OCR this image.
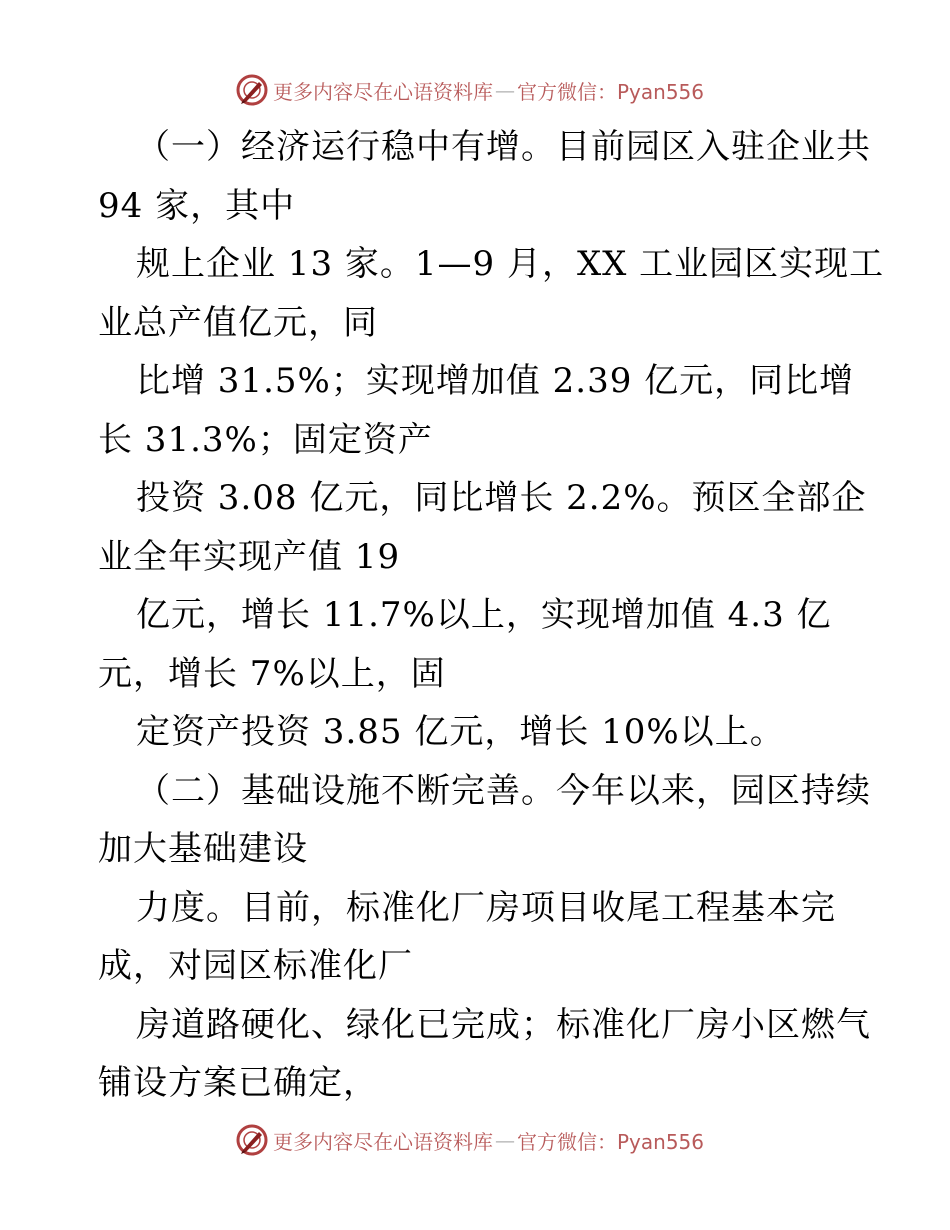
更多内容尽在心语资料库 — 官方微信：Pyan556
（一）经济运行稳中有增。目前园区入驻企业共
94 家，其中
规上企业 13 家。1—9 月，XX 工业园区实现工
业总产值亿元，同
比增 31.5%；实现增加值 2.39 亿元，同比增
长 31.3%；固定资产
投资 3.08 亿元，同比增长 2.2%。预区全部企
业全年实现产值 19
亿元，增长 11.7%以上，实现增加值 4.3 亿
元，增长 7%以上，固
定资产投资 3.85 亿元，增长 10%以上。
（二）基础设施不断完善。今年以来，园区持续
加大基础建设
力度。目前，标准化厂房项目收尾工程基本完
成，对园区标准化厂
房道路硬化、绿化已完成；标准化厂房小区燃气
铺设方案已确定，
更多内容尽在心语资料库 — 官方微信：Pyan556
